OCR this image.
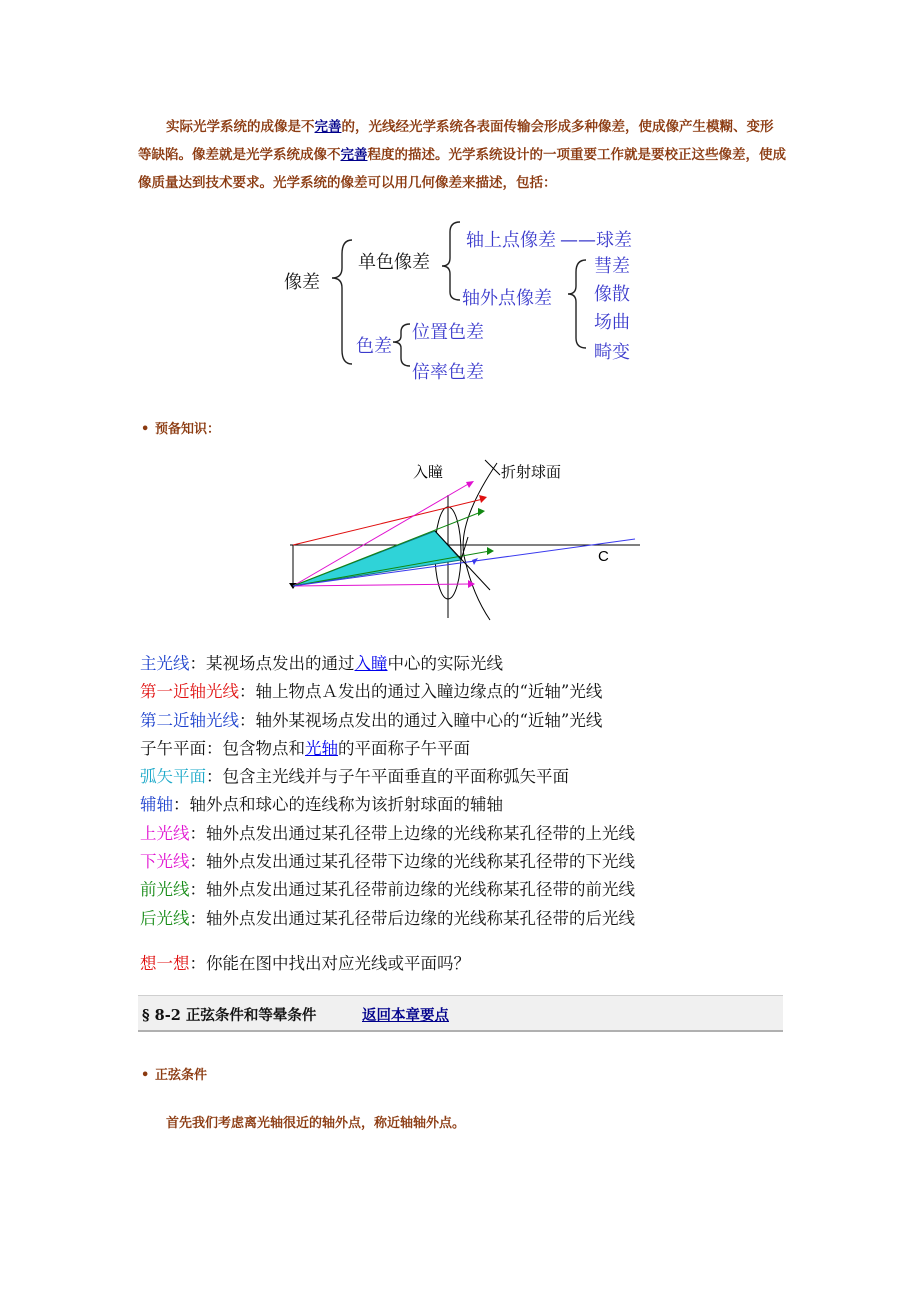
实际光学系统的成像是不完善的，光线经光学系统各表面传输会形成多种像差，使成像产生模糊、变形等缺陷。像差就是光学系统成像不完善程度的描述。光学系统设计的一项重要工作就是要校正这些像差，使成像质量达到技术要求。光学系统的像差可以用几何像差来描述，包括：
像差
单色像差
轴上点像差 ——球差
轴外点像差
彗差
像散
场曲
畸变
色差
位置色差
倍率色差
• 预备知识：
C
入瞳	折射球面
主光线：某视场点发出的通过入瞳中心的实际光线
第一近轴光线：轴上物点Ａ发出的通过入瞳边缘点的“近轴”光线
第二近轴光线：轴外某视场点发出的通过入瞳中心的“近轴”光线
子午平面：包含物点和光轴的平面称子午平面
弧矢平面：包含主光线并与子午平面垂直的平面称弧矢平面
辅轴：轴外点和球心的连线称为该折射球面的辅轴
上光线：轴外点发出通过某孔径带上边缘的光线称某孔径带的上光线
下光线：轴外点发出通过某孔径带下边缘的光线称某孔径带的下光线
前光线：轴外点发出通过某孔径带前边缘的光线称某孔径带的前光线
后光线：轴外点发出通过某孔径带后边缘的光线称某孔径带的后光线
想一想：你能在图中找出对应光线或平面吗？
§ 8-2 正弦条件和等晕条件	返回本章要点
• 正弦条件
首先我们考虑离光轴很近的轴外点，称近轴轴外点。
